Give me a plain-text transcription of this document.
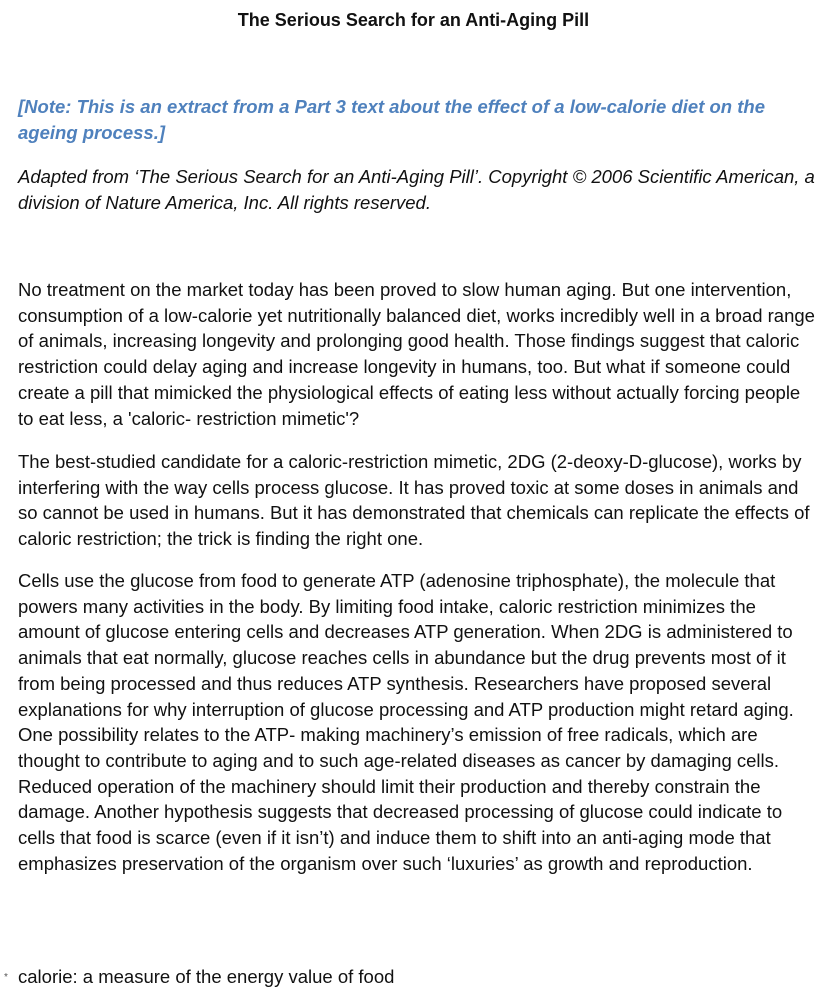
The Serious Search for an Anti-Aging Pill

[Note: This is an extract from a Part 3 text about the effect of a low-calorie diet on the ageing process.]

Adapted from ‘The Serious Search for an Anti-Aging Pill’. Copyright © 2006 Scientific American, a division of Nature America, Inc. All rights reserved.

No treatment on the market today has been proved to slow human aging. But one intervention, consumption of a low-calorie yet nutritionally balanced diet, works incredibly well in a broad range of animals, increasing longevity and prolonging good health. Those findings suggest that caloric restriction could delay aging and increase longevity in humans, too. But what if someone could create a pill that mimicked the physiological effects of eating less without actually forcing people to eat less, a 'caloric- restriction mimetic'?

The best-studied candidate for a caloric-restriction mimetic, 2DG (2-deoxy-D-glucose), works by interfering with the way cells process glucose. It has proved toxic at some doses in animals and so cannot be used in humans. But it has demonstrated that chemicals can replicate the effects of caloric restriction; the trick is finding the right one.

Cells use the glucose from food to generate ATP (adenosine triphosphate), the molecule that powers many activities in the body. By limiting food intake, caloric restriction minimizes the amount of glucose entering cells and decreases ATP generation. When 2DG is administered to animals that eat normally, glucose reaches cells in abundance but the drug prevents most of it from being processed and thus reduces ATP synthesis. Researchers have proposed several explanations for why interruption of glucose processing and ATP production might retard aging. One possibility relates to the ATP- making machinery’s emission of free radicals, which are thought to contribute to aging and to such age-related diseases as cancer by damaging cells. Reduced operation of the machinery should limit their production and thereby constrain the damage. Another hypothesis suggests that decreased processing of glucose could indicate to cells that food is scarce (even if it isn’t) and induce them to shift into an anti-aging mode that emphasizes preservation of the organism over such ‘luxuries’ as growth and reproduction.

* calorie: a measure of the energy value of food
